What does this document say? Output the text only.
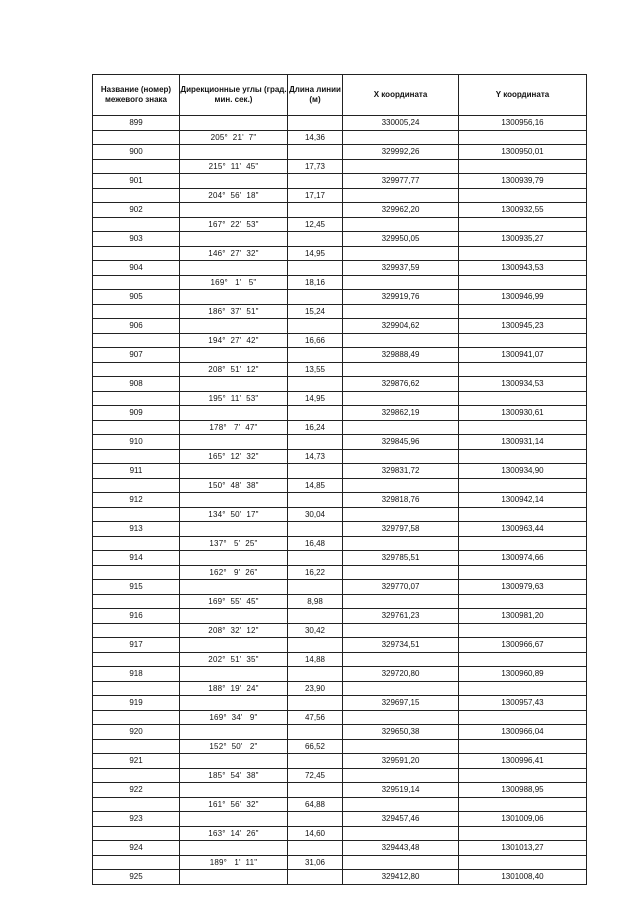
Название (номер) межевого знака	Дирекционные углы (град. мин. сек.)	Длина линии (м)	X координата	Y координата
899			330005,24	1300956,16
	205°  21'  7"	14,36		
900			329992,26	1300950,01
	215°  11'  45"	17,73		
901			329977,77	1300939,79
	204°  56'  18"	17,17		
902			329962,20	1300932,55
	167°  22'  53"	12,45		
903			329950,05	1300935,27
	146°  27'  32"	14,95		
904			329937,59	1300943,53
	169°   1'   5"	18,16		
905			329919,76	1300946,99
	186°  37'  51"	15,24		
906			329904,62	1300945,23
	194°  27'  42"	16,66		
907			329888,49	1300941,07
	208°  51'  12"	13,55		
908			329876,62	1300934,53
	195°  11'  53"	14,95		
909			329862,19	1300930,61
	178°   7'  47"	16,24		
910			329845,96	1300931,14
	165°  12'  32"	14,73		
911			329831,72	1300934,90
	150°  48'  38"	14,85		
912			329818,76	1300942,14
	134°  50'  17"	30,04		
913			329797,58	1300963,44
	137°   5'  25"	16,48		
914			329785,51	1300974,66
	162°   9'  26"	16,22		
915			329770,07	1300979,63
	169°  55'  45"	8,98		
916			329761,23	1300981,20
	208°  32'  12"	30,42		
917			329734,51	1300966,67
	202°  51'  35"	14,88		
918			329720,80	1300960,89
	188°  19'  24"	23,90		
919			329697,15	1300957,43
	169°  34'   9"	47,56		
920			329650,38	1300966,04
	152°  50'   2"	66,52		
921			329591,20	1300996,41
	185°  54'  38"	72,45		
922			329519,14	1300988,95
	161°  56'  32"	64,88		
923			329457,46	1301009,06
	163°  14'  26"	14,60		
924			329443,48	1301013,27
	189°   1'  11"	31,06		
925			329412,80	1301008,40
